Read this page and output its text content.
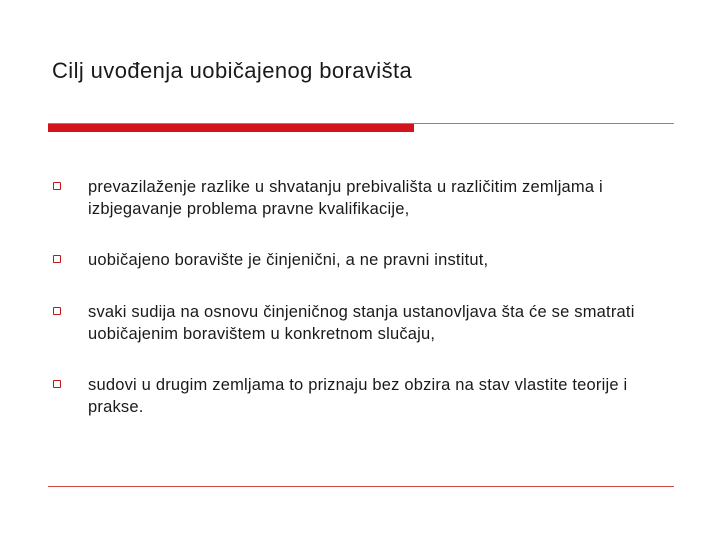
Cilj uvođenja uobičajenog boravišta
prevazilaženje razlike u shvatanju prebivališta u različitim zemljama i izbjegavanje problema pravne kvalifikacije,
uobičajeno boravište je činjenični, a ne pravni institut,
svaki sudija na osnovu činjeničnog stanja ustanovljava šta će se smatrati uobičajenim boravištem u konkretnom slučaju,
sudovi u drugim zemljama to priznaju bez obzira na stav vlastite teorije i prakse.
